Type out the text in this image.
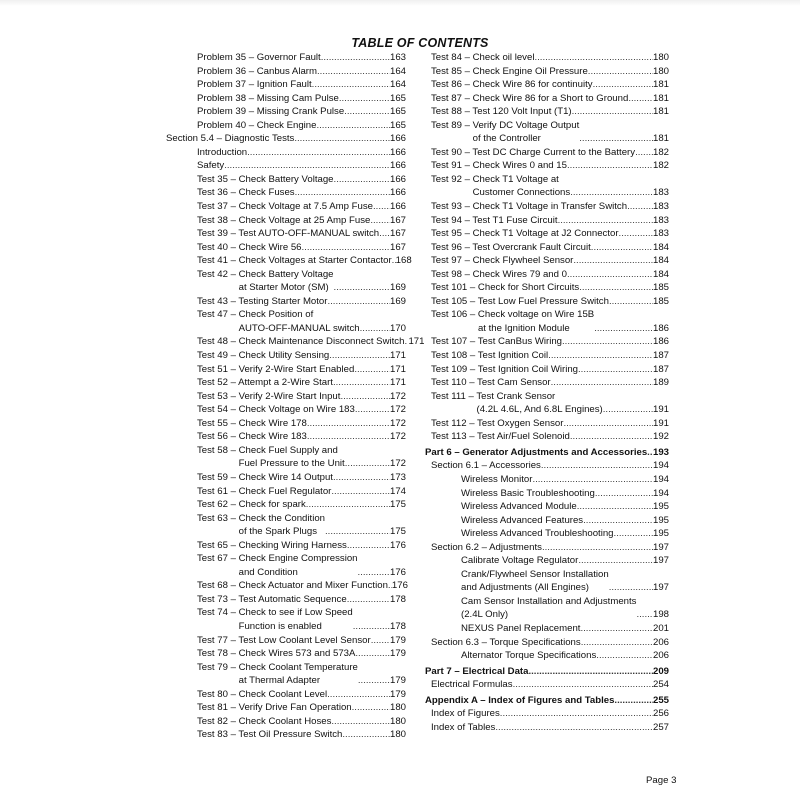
TABLE OF CONTENTS
Problem 35 – Governor Fault .....	163
Problem 36 – Canbus Alarm .....	164
Problem 37 – Ignition Fault .....	164
Problem 38 – Missing Cam Pulse .....	165
Problem 39 – Missing Crank Pulse .....	165
Problem 40 – Check Engine .....	165
Section 5.4 – Diagnostic Tests .....	166
Introduction .....	166
Safety .....	166
Test 35 – Check Battery Voltage .....	166
Test 36 – Check Fuses .....	166
Test 37 – Check Voltage at 7.5 Amp Fuse ..... 166
Test 38 – Check Voltage at 25 Amp Fuse ..... 167
Test 39 – Test AUTO-OFF-MANUAL switch ..... 167
Test 40 – Check Wire 56 .....	167
Test 41 – Check Voltages at Starter Contactor ..... 168
Test 42 – Check Battery Voltage
at Starter Motor (SM) .....	169
Test 43 – Testing Starter Motor .....	169
Test 47 – Check Position of
AUTO-OFF-MANUAL switch .....	170
Test 48 – Check Maintenance Disconnect Switch ..... 171
Test 49 – Check Utility Sensing .....	171
Test 51 – Verify 2-Wire Start Enabled .....	171
Test 52 – Attempt a 2-Wire Start .....	171
Test 53 – Verify 2-Wire Start Input .....	172
Test 54 – Check Voltage on Wire 183 .....	172
Test 55 – Check Wire 178 .....	172
Test 56 – Check Wire 183 .....	172
Test 58 – Check Fuel Supply and
Fuel Pressure to the Unit .....	172
Test 59 – Check Wire 14 Output .....	173
Test 61 – Check Fuel Regulator .....	174
Test 62 – Check for spark .....	175
Test 63 – Check the Condition
of the Spark Plugs .....	175
Test 65 – Checking Wiring Harness .....	176
Test 67 – Check Engine Compression
and Condition .....	176
Test 68 – Check Actuator and Mixer Function ..... 176
Test 73 – Test Automatic Sequence .....	178
Test 74 – Check to see if Low Speed
Function is enabled .....	178
Test 77 – Test Low Coolant Level Sensor ..... 179
Test 78 – Check Wires 573 and 573A .....	179
Test 79 – Check Coolant Temperature
at Thermal Adapter .....	179
Test 80 – Check Coolant Level .....	179
Test 81 – Verify Drive Fan Operation .....	180
Test 82 – Check Coolant Hoses .....	180
Test 83 – Test Oil Pressure Switch .....	180
Test 84 – Check oil level .....	180
Test 85 – Check Engine Oil Pressure .....	180
Test 86 – Check Wire 86 for continuity .....	181
Test 87 – Check Wire 86 for a Short to Ground .....	181
Test 88 – Test 120 Volt Input (T1) .....	181
Test 89 – Verify DC Voltage Output
of the Controller .....	181
Test 90 – Test DC Charge Current to the Battery ..... 182
Test 91 – Check Wires 0 and 15 .....	182
Test 92 – Check T1 Voltage at
Customer Connections .....	183
Test 93 – Check T1 Voltage in Transfer Switch .....	183
Test 94 – Test T1 Fuse Circuit .....	183
Test 95 – Check T1 Voltage at J2 Connector .....	183
Test 96 – Test Overcrank Fault Circuit .....	184
Test 97 – Check Flywheel Sensor .....	184
Test 98 – Check Wires 79 and 0 .....	184
Test 101 – Check for Short Circuits .....	185
Test 105 – Test Low Fuel Pressure Switch .....	185
Test 106 – Check voltage on Wire 15B
at the Ignition Module .....	186
Test 107 – Test CanBus Wiring .....	186
Test 108 – Test Ignition Coil .....	187
Test 109 – Test Ignition Coil Wiring .....	187
Test 110 – Test Cam Sensor .....	189
Test 111 – Test Crank Sensor
(4.2L 4.6L, And 6.8L Engines) .....	191
Test 112 – Test Oxygen Sensor .....	191
Test 113 – Test Air/Fuel Solenoid .....	192
Part 6 – Generator Adjustments and Accessories ..... 193
Section 6.1 – Accessories .....	194
Wireless Monitor .....	194
Wireless Basic Troubleshooting .....	194
Wireless Advanced Module .....	195
Wireless Advanced Features .....	195
Wireless Advanced Troubleshooting .....	195
Section 6.2 – Adjustments .....	197
Calibrate Voltage Regulator .....	197
Crank/Flywheel Sensor Installation
and Adjustments (All Engines) .....	197
Cam Sensor Installation and Adjustments
(2.4L Only) .....	198
NEXUS Panel Replacement .....	201
Section 6.3 – Torque Specifications .....	206
Alternator Torque Specifications .....	206
Part 7 – Electrical Data .....	209
Electrical Formulas .....	254
Appendix A – Index of Figures and Tables .....	255
Index of Figures .....	256
Index of Tables .....	257
Page 3
